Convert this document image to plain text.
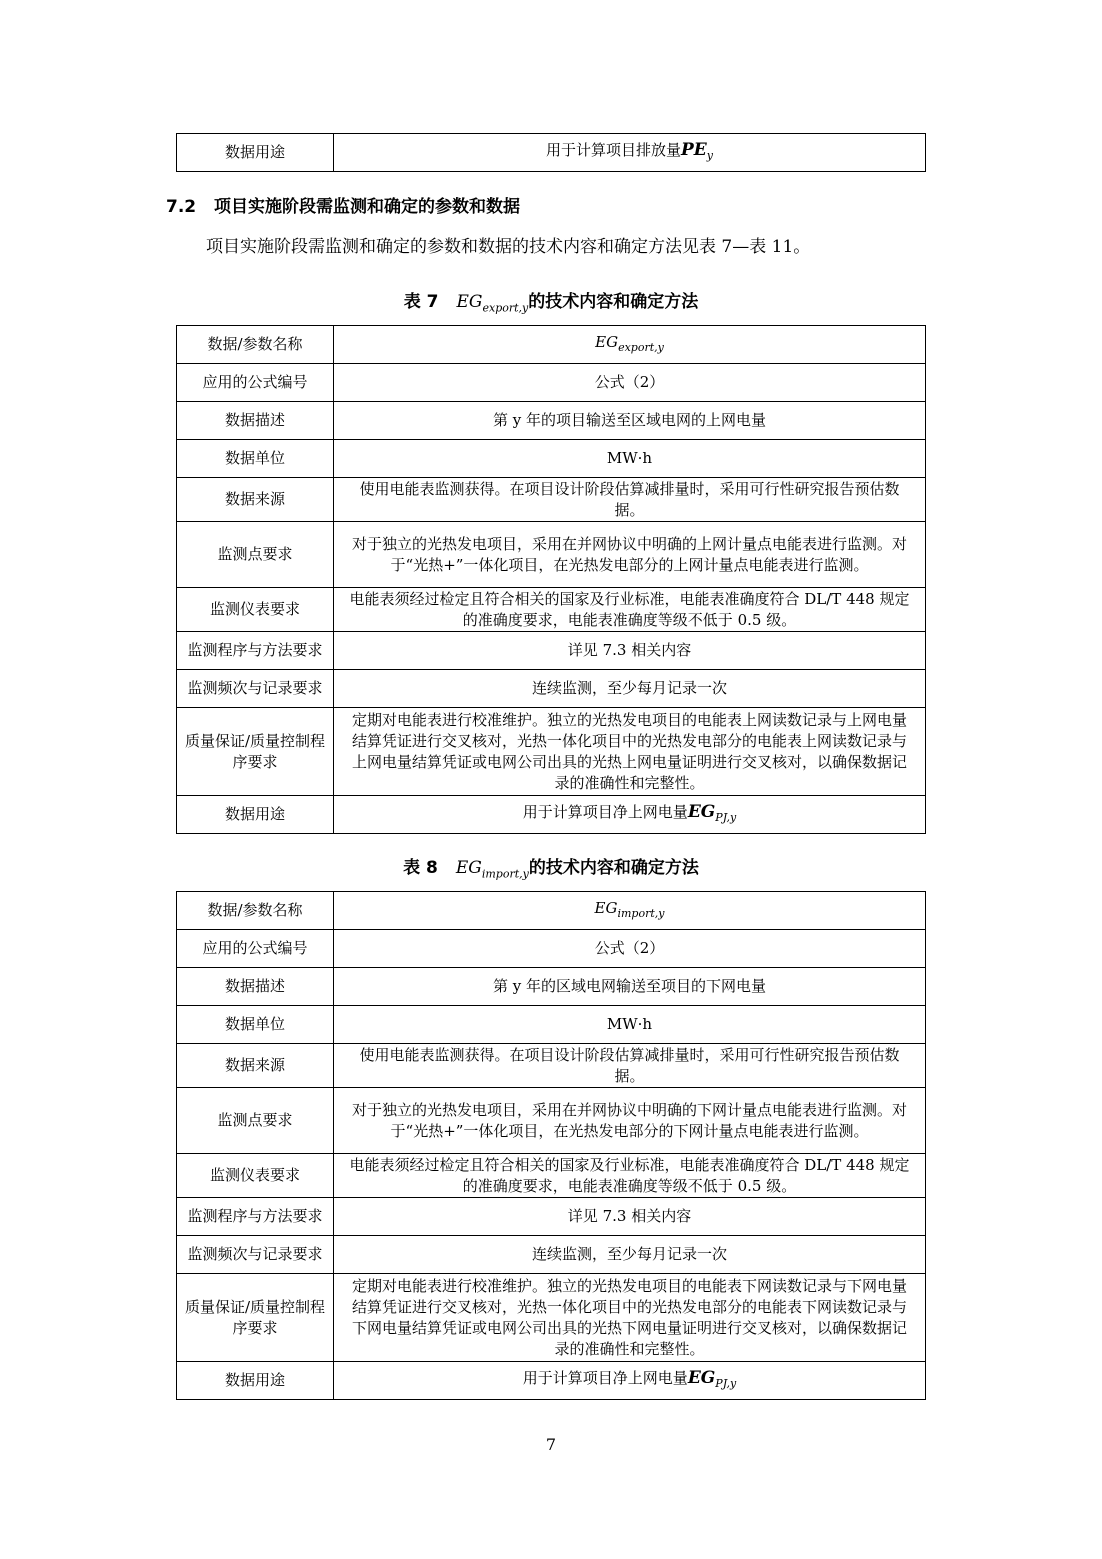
数据用途	用于计算项目排放量$PE_y$
7.2 项目实施阶段需监测和确定的参数和数据
项目实施阶段需监测和确定的参数和数据的技术内容和确定方法见表 7—表 11。
表 7 $EG_{export,y}$的技术内容和确定方法
数据/参数名称	$EG_{export,y}$
应用的公式编号	公式（2）
数据描述	第 y 年的项目输送至区域电网的上网电量
数据单位	MW·h
数据来源	使用电能表监测获得。在项目设计阶段估算减排量时，采用可行性研究报告预估数据。
监测点要求	对于独立的光热发电项目，采用在并网协议中明确的上网计量点电能表进行监测。对于“光热+”一体化项目，在光热发电部分的上网计量点电能表进行监测。
监测仪表要求	电能表须经过检定且符合相关的国家及行业标准，电能表准确度符合 DL/T 448 规定的准确度要求，电能表准确度等级不低于 0.5 级。
监测程序与方法要求	详见 7.3 相关内容
监测频次与记录要求	连续监测，至少每月记录一次
质量保证/质量控制程序要求	定期对电能表进行校准维护。独立的光热发电项目的电能表上网读数记录与上网电量结算凭证进行交叉核对，光热一体化项目中的光热发电部分的电能表上网读数记录与上网电量结算凭证或电网公司出具的光热上网电量证明进行交叉核对，以确保数据记录的准确性和完整性。
数据用途	用于计算项目净上网电量$EG_{PJ,y}$
表 8 $EG_{import,y}$的技术内容和确定方法
数据/参数名称	$EG_{import,y}$
应用的公式编号	公式（2）
数据描述	第 y 年的区域电网输送至项目的下网电量
数据单位	MW·h
数据来源	使用电能表监测获得。在项目设计阶段估算减排量时，采用可行性研究报告预估数据。
监测点要求	对于独立的光热发电项目，采用在并网协议中明确的下网计量点电能表进行监测。对于“光热+”一体化项目，在光热发电部分的下网计量点电能表进行监测。
监测仪表要求	电能表须经过检定且符合相关的国家及行业标准，电能表准确度符合 DL/T 448 规定的准确度要求，电能表准确度等级不低于 0.5 级。
监测程序与方法要求	详见 7.3 相关内容
监测频次与记录要求	连续监测，至少每月记录一次
质量保证/质量控制程序要求	定期对电能表进行校准维护。独立的光热发电项目的电能表下网读数记录与下网电量结算凭证进行交叉核对，光热一体化项目中的光热发电部分的电能表下网读数记录与下网电量结算凭证或电网公司出具的光热下网电量证明进行交叉核对，以确保数据记录的准确性和完整性。
数据用途	用于计算项目净上网电量$EG_{PJ,y}$
7
